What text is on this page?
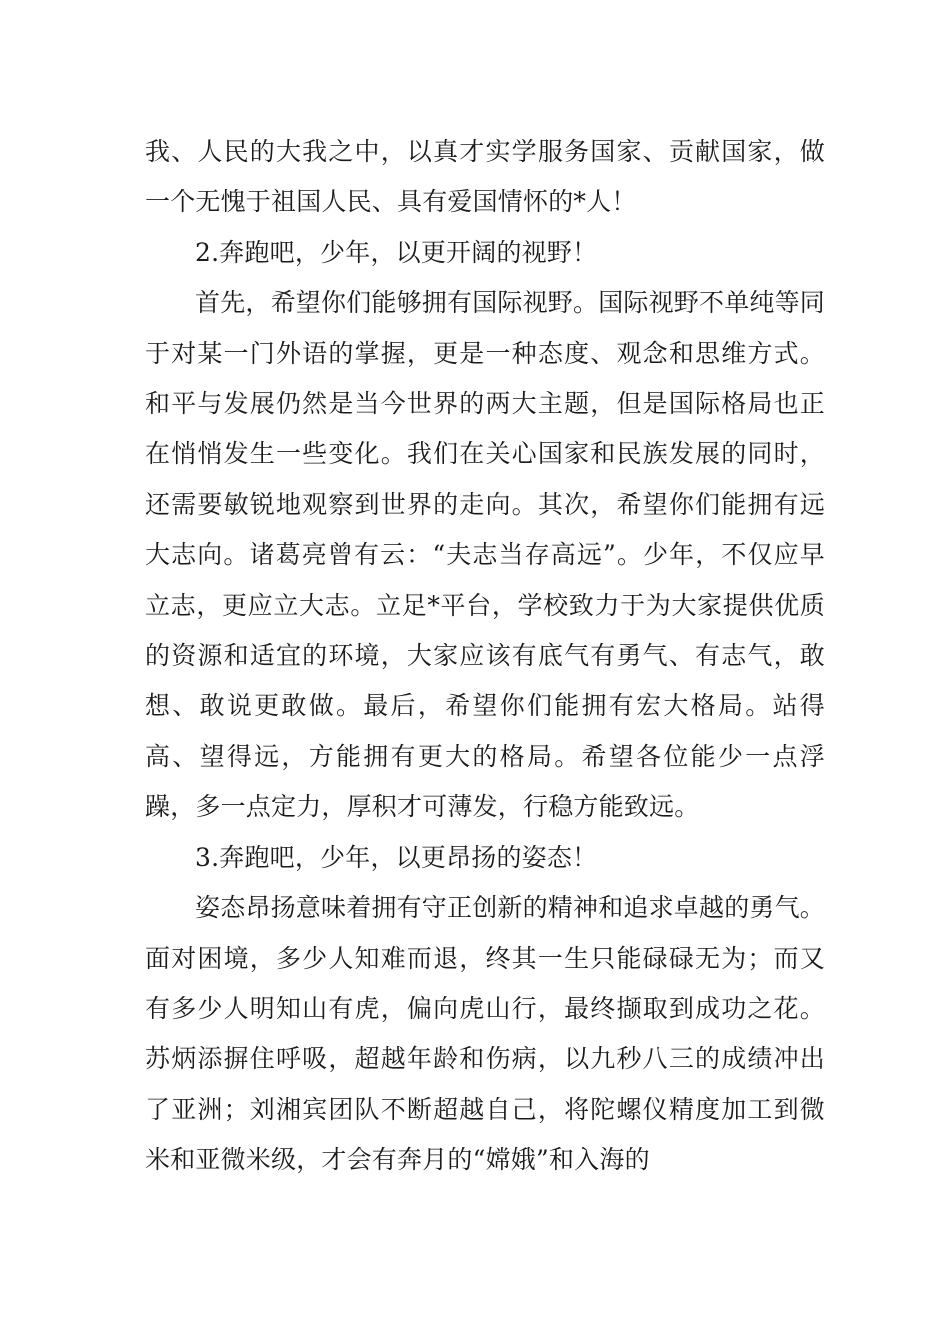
我、人民的大我之中，以真才实学服务国家、贡献国家，做一个无愧于祖国人民、具有爱国情怀的*人！

2.奔跑吧，少年，以更开阔的视野！

首先，希望你们能够拥有国际视野。国际视野不单纯等同于对某一门外语的掌握，更是一种态度、观念和思维方式。和平与发展仍然是当今世界的两大主题，但是国际格局也正在悄悄发生一些变化。我们在关心国家和民族发展的同时，还需要敏锐地观察到世界的走向。其次，希望你们能拥有远大志向。诸葛亮曾有云：“夫志当存高远”。少年，不仅应早立志，更应立大志。立足*平台，学校致力于为大家提供优质的资源和适宜的环境，大家应该有底气有勇气、有志气，敢想、敢说更敢做。最后，希望你们能拥有宏大格局。站得高、望得远，方能拥有更大的格局。希望各位能少一点浮躁，多一点定力，厚积才可薄发，行稳方能致远。

3.奔跑吧，少年，以更昂扬的姿态！

姿态昂扬意味着拥有守正创新的精神和追求卓越的勇气。面对困境，多少人知难而退，终其一生只能碌碌无为；而又有多少人明知山有虎，偏向虎山行，最终撷取到成功之花。苏炳添摒住呼吸，超越年龄和伤病，以九秒八三的成绩冲出了亚洲；刘湘宾团队不断超越自己，将陀螺仪精度加工到微米和亚微米级，才会有奔月的“嫦娥”和入海的
